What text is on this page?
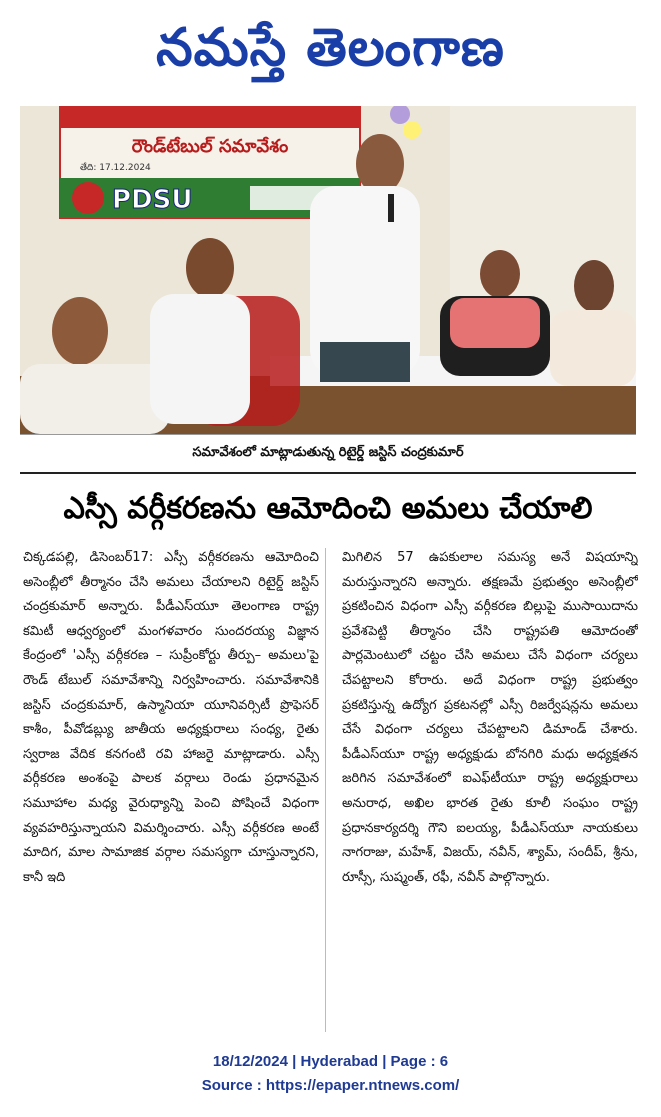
నమస్తే తెలంగాణ
రౌండ్‌టేబుల్ సమావేశం
తేది: 17.12.2024
PDSU
సమావేశంలో మాట్లాడుతున్న రిటైర్డ్ జస్టిస్ చంద్రకుమార్
ఎస్సీ వర్గీకరణను ఆమోదించి అమలు చేయాలి
చిక్కడపల్లి, డిసెంబర్17: ఎస్సీ వర్గీకరణను ఆమోదించి అసెంబ్లీలో తీర్మానం చేసి అమలు చేయాలని రిటైర్డ్ జస్టిస్ చంద్రకుమార్ అన్నారు. పీడీఎస్‌యూ తెలంగాణ రాష్ట్ర కమిటీ ఆధ్వర్యంలో మంగళవారం సుందరయ్య విజ్ఞాన కేంద్రంలో 'ఎస్సీ వర్గీకరణ – సుప్రీంకోర్టు తీర్పు– అమలు'పై రౌండ్ టేబుల్ సమావేశాన్ని నిర్వహించారు. సమావేశానికి జస్టిస్ చంద్రకుమార్, ఉస్మానియా యూనివర్సిటీ ప్రొఫెసర్ కాశీం, పీవోడబ్ల్యు జాతీయ అధ్యక్షురాలు సంధ్య, రైతు స్వరాజ వేదిక కనగంటి రవి హాజరై మాట్లాడారు. ఎస్సీ వర్గీకరణ అంశంపై పాలక వర్గాలు రెండు ప్రధానమైన సమూహాల మధ్య వైరుధ్యాన్ని పెంచి పోషించే విధంగా వ్యవహరిస్తున్నాయని విమర్శించారు. ఎస్సీ వర్గీకరణ అంటే మాదిగ, మాల సామాజిక వర్గాల సమస్యగా చూస్తున్నారని, కానీ ఇది
మిగిలిన 57 ఉపకులాల సమస్య అనే విషయాన్ని మరుస్తున్నారని అన్నారు. తక్షణమే ప్రభుత్వం అసెంబ్లీలో ప్రకటించిన విధంగా ఎస్సీ వర్గీకరణ బిల్లుపై ముసాయిదాను ప్రవేశపెట్టి తీర్మానం చేసి రాష్ట్రపతి ఆమోదంతో పార్లమెంటులో చట్టం చేసి అమలు చేసే విధంగా చర్యలు చేపట్టాలని కోరారు. అదే విధంగా రాష్ట్ర ప్రభుత్వం ప్రకటిస్తున్న ఉద్యోగ ప్రకటనల్లో ఎస్సీ రిజర్వేషన్లను అమలు చేసే విధంగా చర్యలు చేపట్టాలని డిమాండ్ చేశారు. పీడీఎస్‌యూ రాష్ట్ర అధ్యక్షుడు బోనగిరి మధు అధ్యక్షతన జరిగిన సమావేశంలో ఐఎఫ్‌టీయూ రాష్ట్ర అధ్యక్షురాలు అనురాధ, అఖిల భారత రైతు కూలీ సంఘం రాష్ట్ర ప్రధానకార్యదర్శి గౌని ఐలయ్య, పీడీఎస్‌యూ నాయకులు నాగరాజు, మహేశ్, విజయ్, నవీన్, శ్యామ్, సందీప్, శ్రీను, రూస్సీ, సుష్మంత్, రఫీ, నవీన్ పాల్గొన్నారు.
18/12/2024 | Hyderabad | Page : 6
Source : https://epaper.ntnews.com/
